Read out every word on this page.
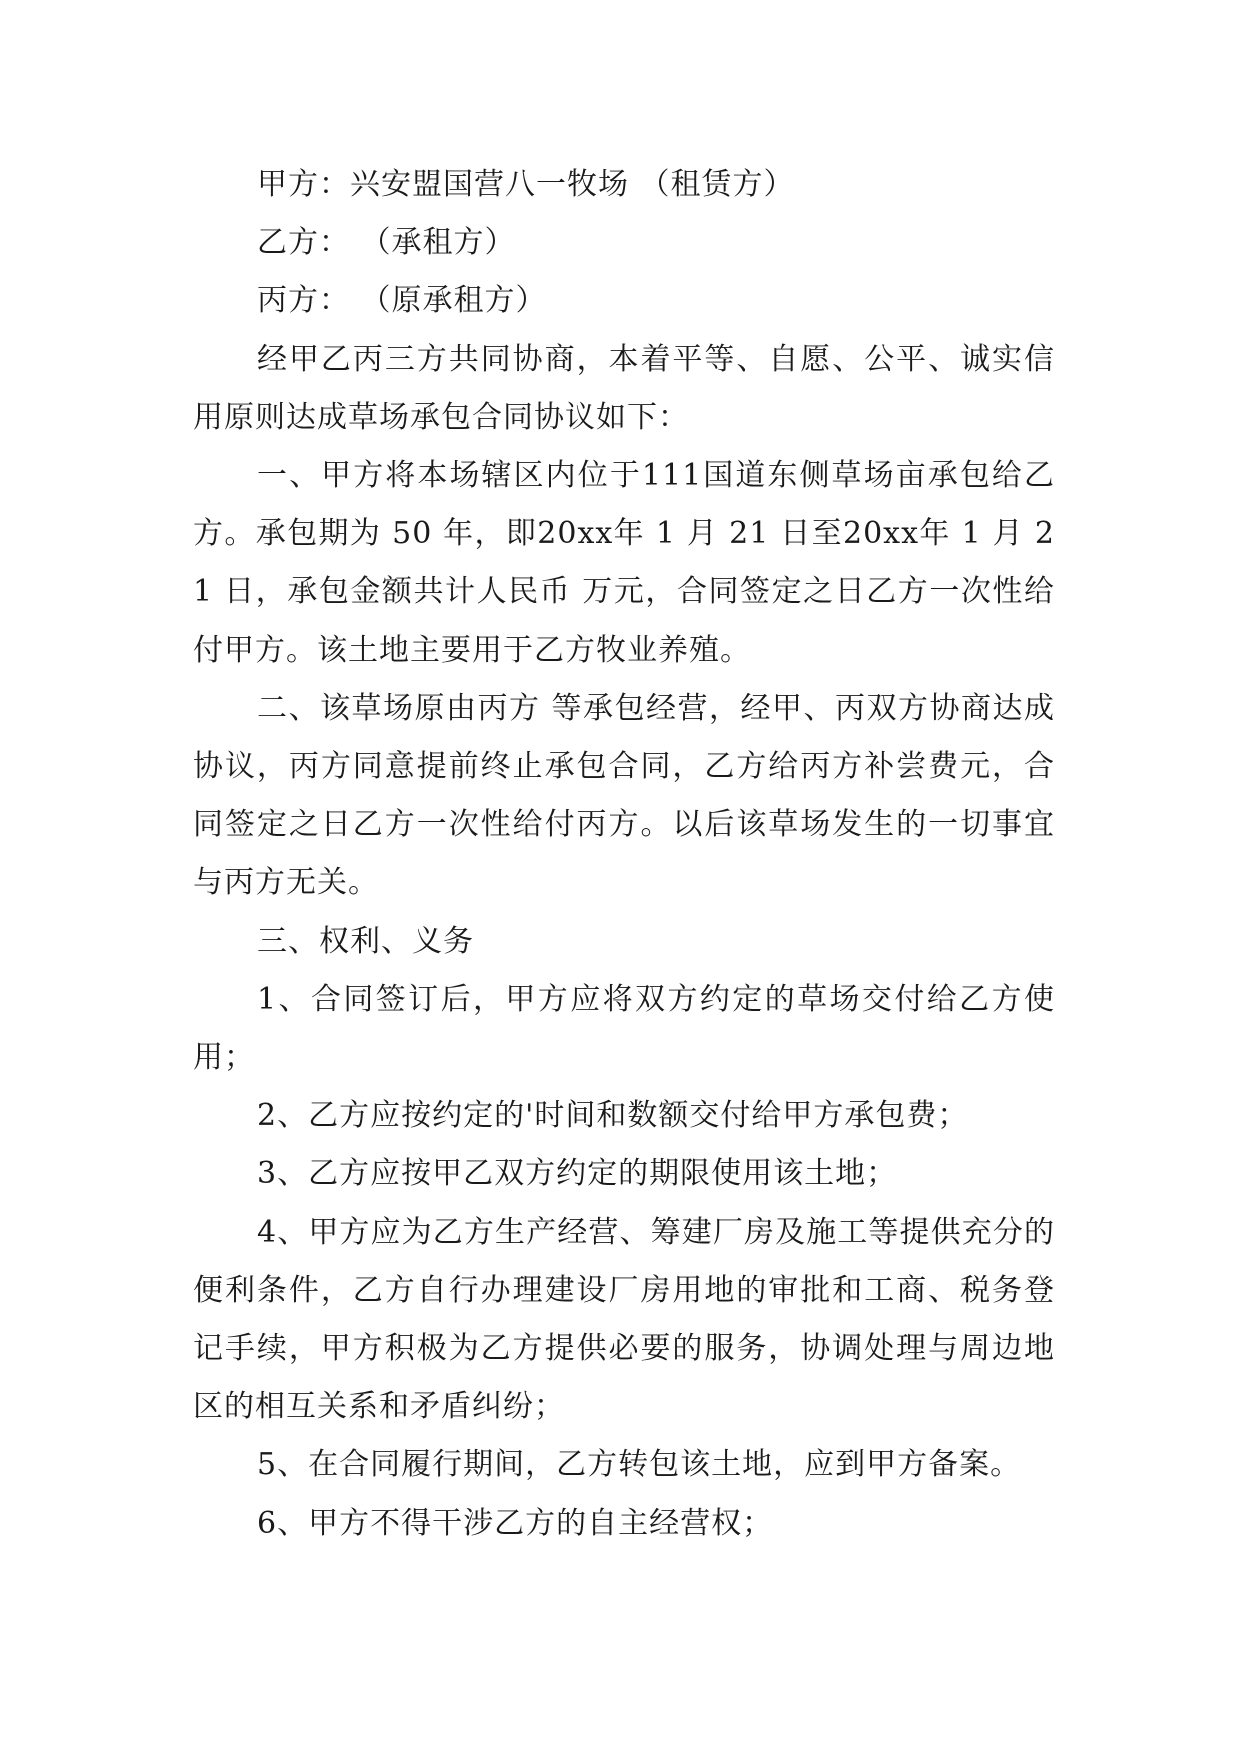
甲方：兴安盟国营八一牧场 （租赁方）

乙方： （承租方）

丙方： （原承租方）

经甲乙丙三方共同协商，本着平等、自愿、公平、诚实信用原则达成草场承包合同协议如下：

一、甲方将本场辖区内位于111国道东侧草场亩承包给乙方。承包期为 50 年，即20xx年 1 月 21 日至20xx年 1 月 21 日，承包金额共计人民币 万元，合同签定之日乙方一次性给付甲方。该土地主要用于乙方牧业养殖。

二、该草场原由丙方 等承包经营，经甲、丙双方协商达成协议，丙方同意提前终止承包合同，乙方给丙方补尝费元，合同签定之日乙方一次性给付丙方。以后该草场发生的一切事宜与丙方无关。

三、权利、义务

1、合同签订后，甲方应将双方约定的草场交付给乙方使用；

2、乙方应按约定的'时间和数额交付给甲方承包费；

3、乙方应按甲乙双方约定的期限使用该土地；

4、甲方应为乙方生产经营、筹建厂房及施工等提供充分的便利条件，乙方自行办理建设厂房用地的审批和工商、税务登记手续，甲方积极为乙方提供必要的服务，协调处理与周边地区的相互关系和矛盾纠纷；

5、在合同履行期间，乙方转包该土地，应到甲方备案。

6、甲方不得干涉乙方的自主经营权；
